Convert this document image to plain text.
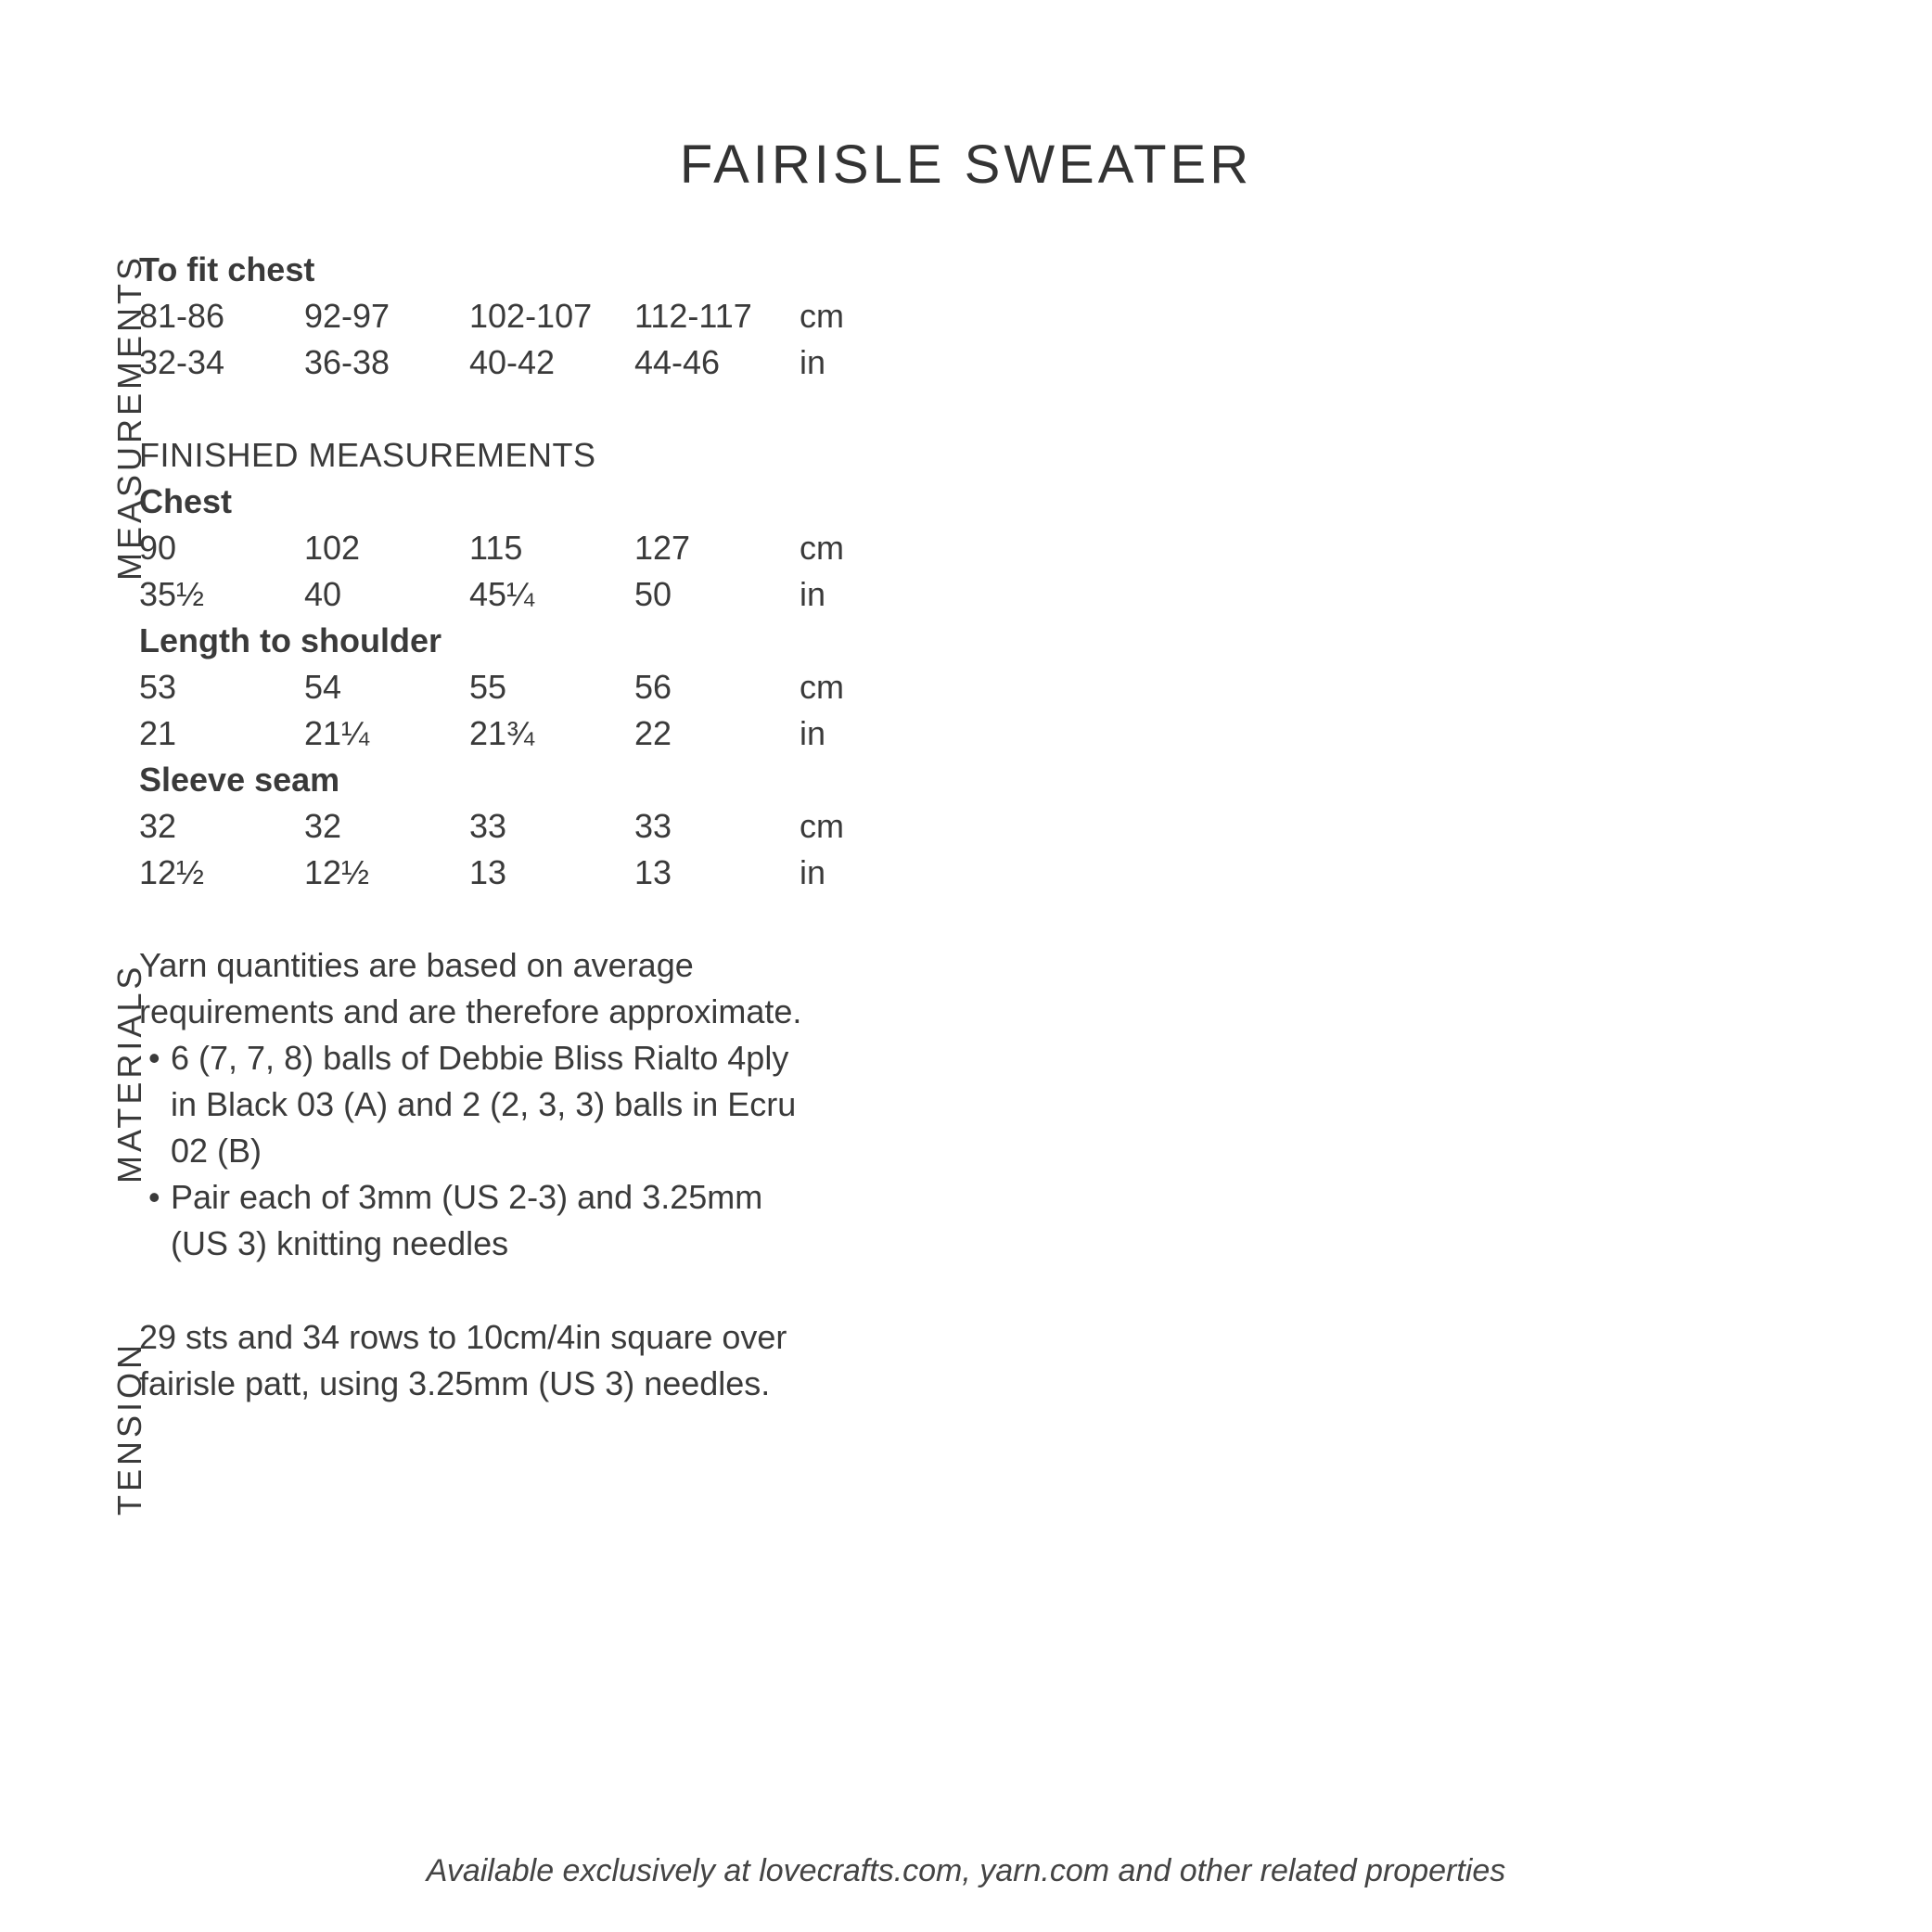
FAIRISLE SWEATER
MEASUREMENTS
MATERIALS
TENSION
To fit chest
81-86	92-97	102-107	112-117	cm
32-34	36-38	40-42	44-46	in
FINISHED MEASUREMENTS
Chest
90	102	115	127	cm
35½	40	45¼	50	in
Length to shoulder
53	54	55	56	cm
21	21¼	21¾	22	in
Sleeve seam
32	32	33	33	cm
12½	12½	13	13	in
Yarn quantities are based on average
requirements and are therefore approximate.
• 6 (7, 7, 8) balls of Debbie Bliss Rialto 4ply
in Black 03 (A) and 2 (2, 3, 3) balls in Ecru
02 (B)
• Pair each of 3mm (US 2-3) and 3.25mm
(US 3) knitting needles
29 sts and 34 rows to 10cm/4in square over
fairisle patt, using 3.25mm (US 3) needles.
Available exclusively at lovecrafts.com, yarn.com and other related properties
